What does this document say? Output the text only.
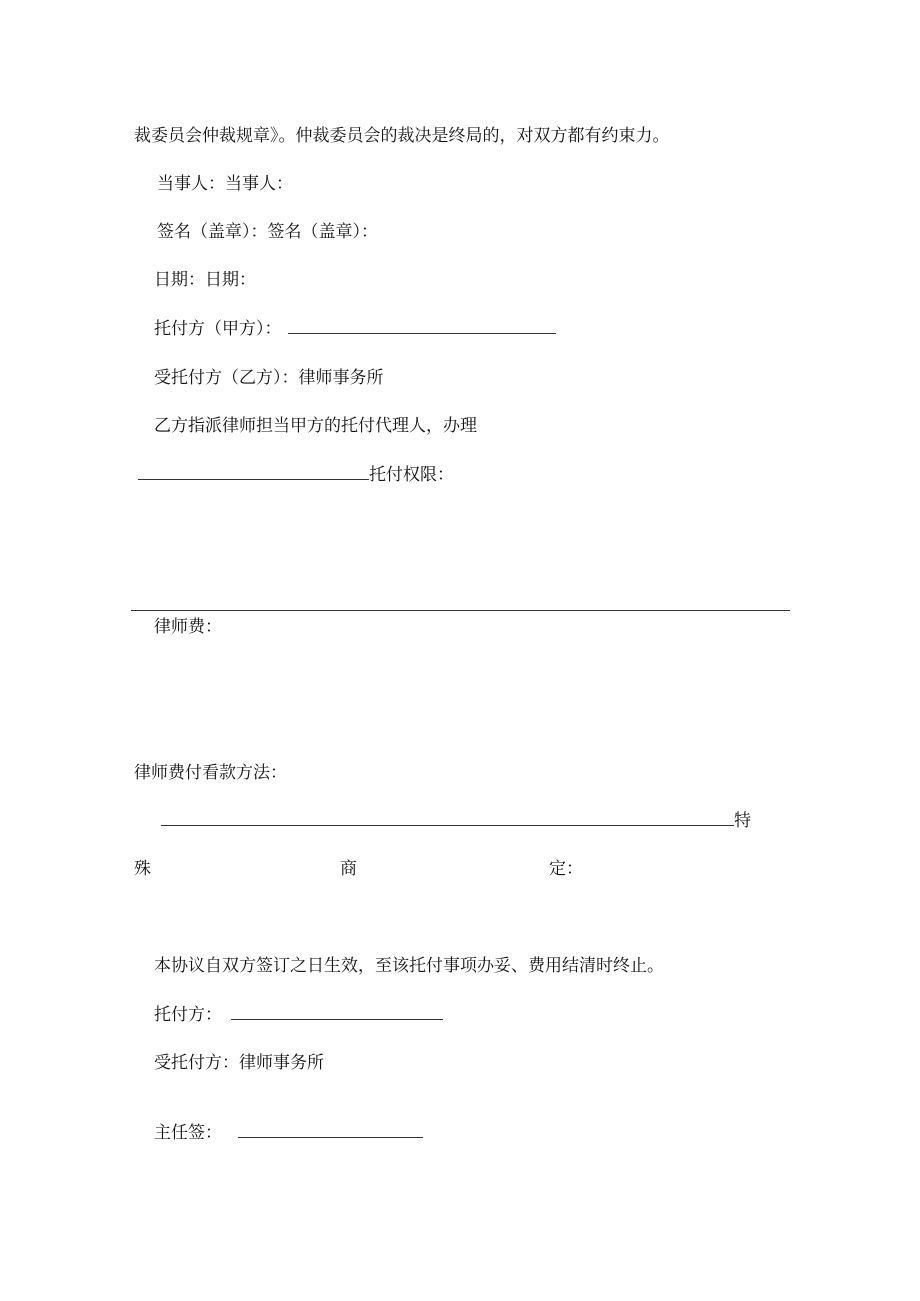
裁委员会仲裁规章》。仲裁委员会的裁决是终局的，对双方都有约束力。
当事人：当事人：
签名（盖章）：签名（盖章）：
日期：日期：
托付方（甲方）：
受托付方（乙方）：律师事务所
乙方指派律师担当甲方的托付代理人，办理
托付权限：
律师费：
律师费付看款方法：
特
殊	商	定：
本协议自双方签订之日生效，至该托付事项办妥、费用结清时终止。
托付方：
受托付方：律师事务所
主任签：
